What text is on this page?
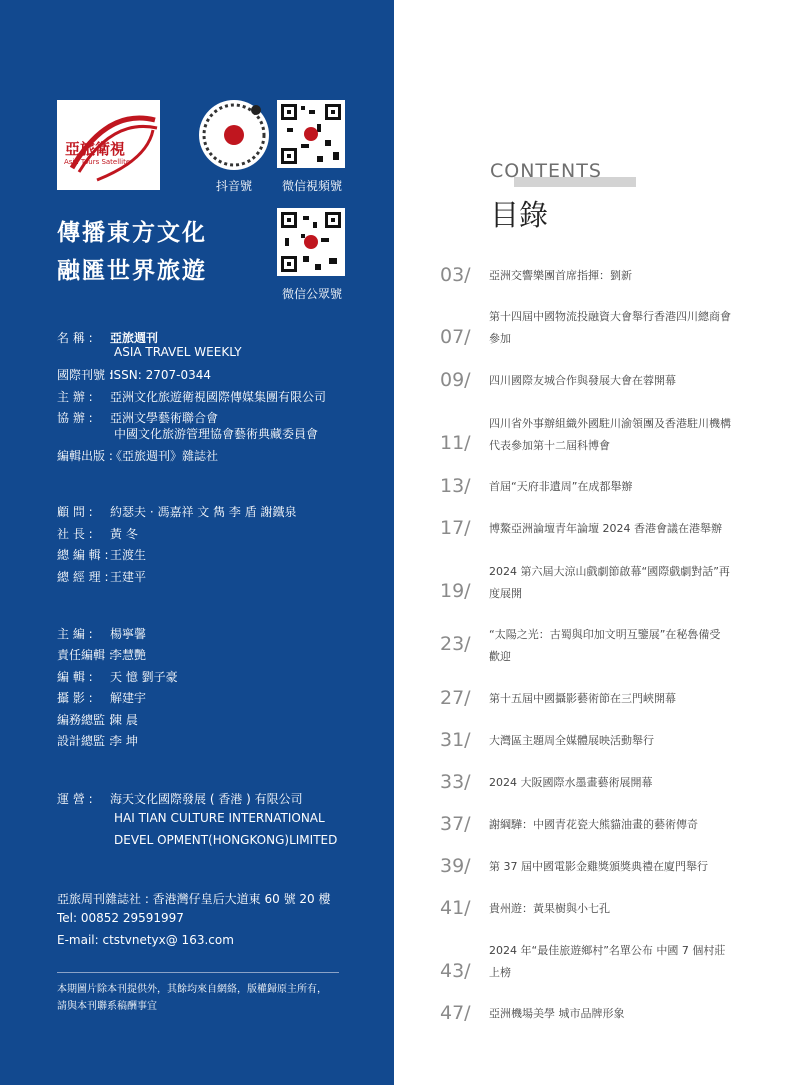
亞旅衛視
Asia Tours Satellite
抖音號	微信視頻號
微信公眾號
傳播東方文化
融匯世界旅遊
名 稱 : 亞旅週刊
ASIA TRAVEL WEEKLY
國際刊號 :ISSN: 2707-0344
主 辦 : 亞洲文化旅遊衛視國際傳媒集團有限公司
協 辦 : 亞洲文學藝術聯合會
中國文化旅游管理協會藝術典藏委員會
編輯出版 :《亞旅週刊》雜誌社
顧 問 : 約瑟夫 · 馮嘉祥 文 雋 李 盾 謝鐵泉
社 長 : 黃 冬
總 編 輯 : 王渡生
總 經 理 : 王建平
主 編 : 楊寧馨
責任編輯 :李慧艷
編 輯 : 天 憶 劉子豪
攝 影 : 解建宇
編務總監 :陳 晨
設計總監 :李 坤
運 營 : 海天文化國際發展 ( 香港 ) 有限公司
HAI TIAN CULTURE INTERNATIONAL
DEVEL OPMENT(HONGKONG)LIMITED
亞旅周刊雜誌社 : 香港灣仔皇后大道東 60 號 20 樓
Tel: 00852 29591997
E-mail: ctstvnetyx@ 163.com
本期圖片除本刊提供外，其餘均來自網絡，版權歸原主所有，
請與本刊聯系稿酬事宜
CONTENTS
目錄
03/ 亞洲交響樂團首席指揮：劉新
07/
第十四屆中國物流投融資大會舉行香港四川總商會
參加
09/ 四川國際友城合作與發展大會在蓉開幕
11/
四川省外事辦組織外國駐川渝領團及香港駐川機構
代表參加第十二屆科博會
13/ 首屆“天府非遺周”在成都舉辦
17/ 博鰲亞洲論壇青年論壇 2024 香港會議在港舉辦
19/
2024 第六屆大涼山戲劇節啟幕“國際戲劇對話”再
度展開
23/ “太陽之光：古蜀與印加文明互鑒展”在秘魯備受
歡迎
27/ 第十五屆中國攝影藝術節在三門峽開幕
31/ 大灣區主題周全媒體展映活動舉行
33/ 2024 大阪國際水墨畫藝術展開幕
37/ 謝綱驊：中國青花瓷大熊貓油畫的藝術傳奇
39/ 第 37 屆中國電影金雞獎頒獎典禮在廈門舉行
41/ 貴州遊：黃果樹與小七孔
43/
2024 年“最佳旅遊鄉村”名單公布 中國 7 個村莊
上榜
47/ 亞洲機場美學 城市品牌形象
